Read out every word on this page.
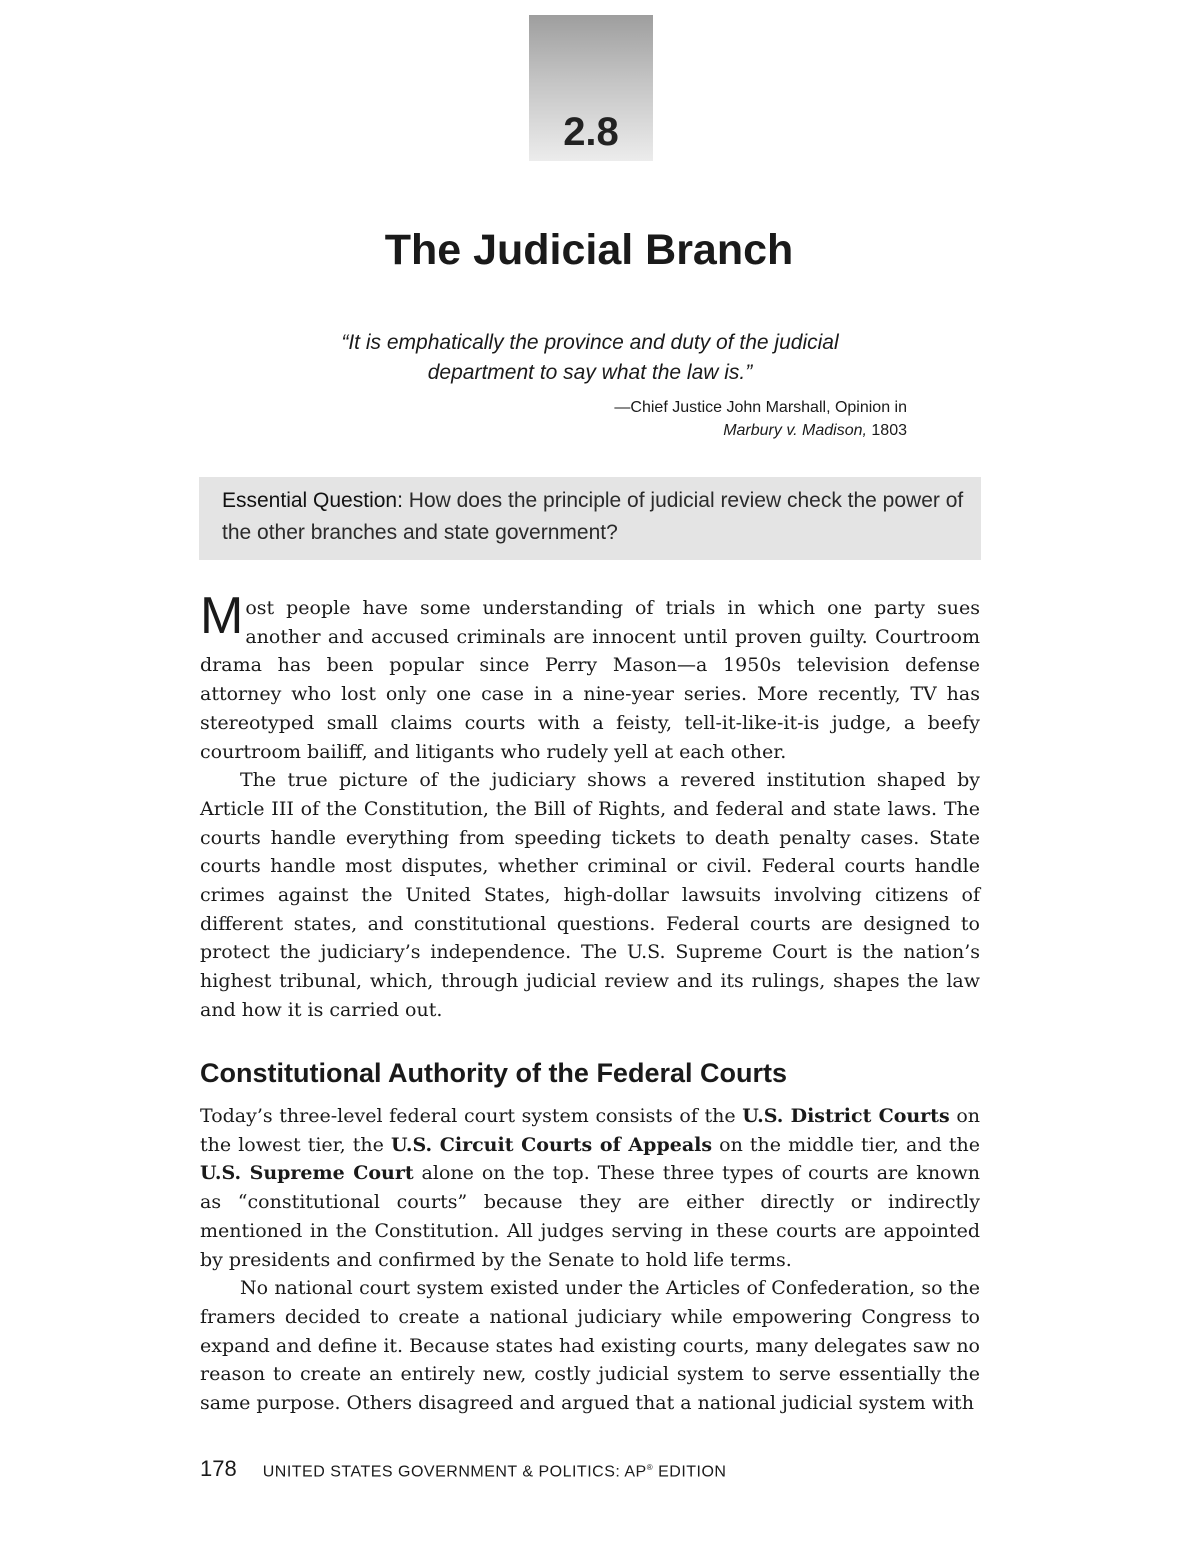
2.8
The Judicial Branch
“It is emphatically the province and duty of the judicial
department to say what the law is.”
—Chief Justice John Marshall, Opinion in
Marbury v. Madison, 1803
Essential Question: How does the principle of judicial review check the power of the other branches and state government?

Most people have some understanding of trials in which one party sues another and accused criminals are innocent until proven guilty. Courtroom drama has been popular since Perry Mason—a 1950s television defense attorney who lost only one case in a nine-year series. More recently, TV has stereotyped small claims courts with a feisty, tell-it-like-it-is judge, a beefy courtroom bailiff, and litigants who rudely yell at each other.

The true picture of the judiciary shows a revered institution shaped by Article III of the Constitution, the Bill of Rights, and federal and state laws. The courts handle everything from speeding tickets to death penalty cases. State courts handle most disputes, whether criminal or civil. Federal courts handle crimes against the United States, high-dollar lawsuits involving citizens of different states, and constitutional questions. Federal courts are designed to protect the judiciary’s independence. The U.S. Supreme Court is the nation’s highest tribunal, which, through judicial review and its rulings, shapes the law and how it is carried out.

Constitutional Authority of the Federal Courts

Today’s three-level federal court system consists of the U.S. District Courts on the lowest tier, the U.S. Circuit Courts of Appeals on the middle tier, and the U.S. Supreme Court alone on the top. These three types of courts are known as “constitutional courts” because they are either directly or indirectly mentioned in the Constitution. All judges serving in these courts are appointed by presidents and confirmed by the Senate to hold life terms.

No national court system existed under the Articles of Confederation, so the framers decided to create a national judiciary while empowering Congress to expand and define it. Because states had existing courts, many delegates saw no reason to create an entirely new, costly judicial system to serve essentially the same purpose. Others disagreed and argued that a national judicial system with

178 UNITED STATES GOVERNMENT & POLITICS: AP® EDITION
